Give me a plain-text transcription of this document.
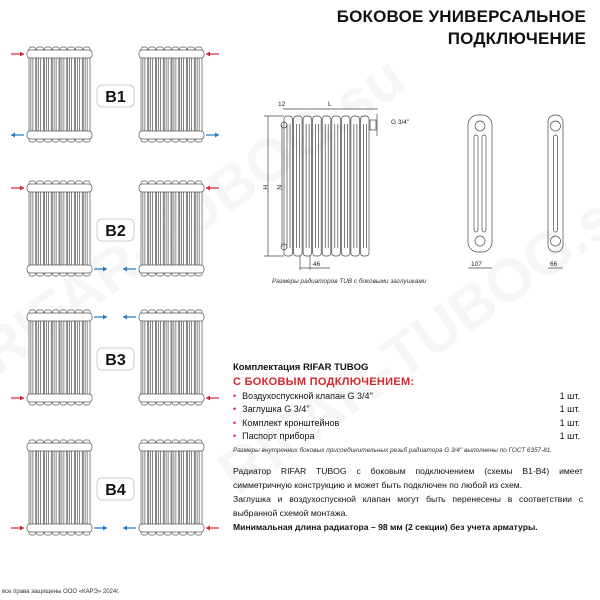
БОКОВОЕ УНИВЕРСАЛЬНОЕ
ПОДКЛЮЧЕНИЕ
B1
B2
B3
B4
12	L
G 3/4''
H N
46	107	66
Размеры радиаторов TUB с боковыми заглушками
Комплектация RIFAR TUBOG
С БОКОВЫМ ПОДКЛЮЧЕНИЕМ:
• Воздухоспускной клапан G 3/4''	1 шт.
• Заглушка G 3/4''	1 шт.
• Комплект кронштейнов	1 шт.
• Паспорт прибора	1 шт.
Размеры внутренних боковых присоединительных резьб радиатора G 3/4'' выполнены по ГОСТ 6357-81.

Радиатор RIFAR TUBOG с боковым подключением (схемы В1-В4) имеет симметричную конструкцию и может быть подключен по любой из схем.

Заглушка и воздухоспускной клапан могут быть перенесены в соответствии с выбранной схемой монтажа.

Минимальная длина радиатора – 98 мм (2 секции) без учета арматуры.

все права защищены ООО «КАРЭ» 2024г.
